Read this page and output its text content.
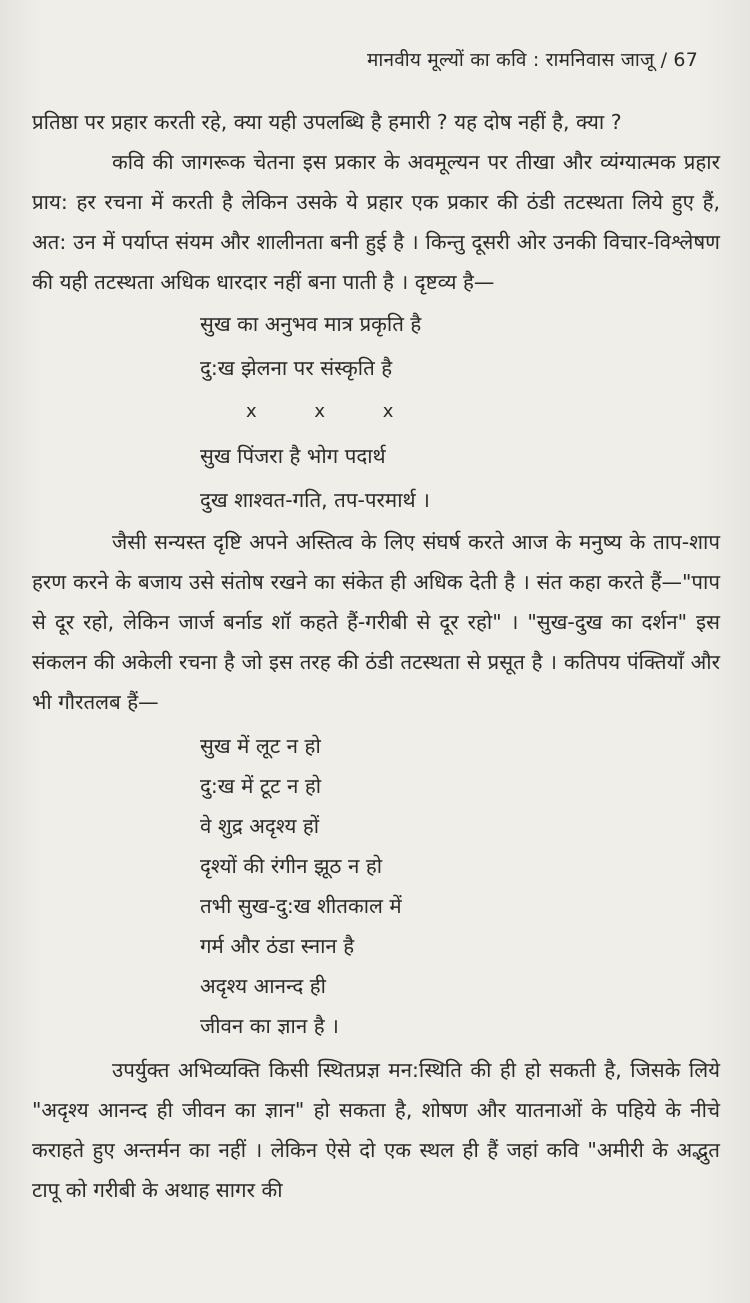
मानवीय मूल्यों का कवि : रामनिवास जाजू / 67

प्रतिष्ठा पर प्रहार करती रहे, क्या यही उपलब्धि है हमारी ? यह दोष नहीं है, क्या ?

कवि की जागरूक चेतना इस प्रकार के अवमूल्यन पर तीखा और व्यंग्यात्मक प्रहार प्राय: हर रचना में करती है लेकिन उसके ये प्रहार एक प्रकार की ठंडी तटस्थता लिये हुए हैं, अत: उन में पर्याप्त संयम और शालीनता बनी हुई है । किन्तु दूसरी ओर उनकी विचार-विश्लेषण की यही तटस्थता अधिक धारदार नहीं बना पाती है । दृष्टव्य है—

सुख का अनुभव मात्र प्रकृति है
दु:ख झेलना पर संस्कृति है
x x x
सुख पिंजरा है भोग पदार्थ
दुख शाश्वत-गति, तप-परमार्थ ।

जैसी सन्यस्त दृष्टि अपने अस्तित्व के लिए संघर्ष करते आज के मनुष्य के ताप-शाप हरण करने के बजाय उसे संतोष रखने का संकेत ही अधिक देती है । संत कहा करते हैं—"पाप से दूर रहो, लेकिन जार्ज बर्नाड शॉ कहते हैं-गरीबी से दूर रहो" । "सुख-दुख का दर्शन" इस संकलन की अकेली रचना है जो इस तरह की ठंडी तटस्थता से प्रसूत है । कतिपय पंक्तियाँ और भी गौरतलब हैं—

सुख में लूट न हो
दु:ख में टूट न हो
वे शुद्र अदृश्य हों
दृश्यों की रंगीन झूठ न हो
तभी सुख-दु:ख शीतकाल में
गर्म और ठंडा स्नान है
अदृश्य आनन्द ही
जीवन का ज्ञान है ।

उपर्युक्त अभिव्यक्ति किसी स्थितप्रज्ञ मन:स्थिति की ही हो सकती है, जिसके लिये "अदृश्य आनन्द ही जीवन का ज्ञान" हो सकता है, शोषण और यातनाओं के पहिये के नीचे कराहते हुए अन्तर्मन का नहीं । लेकिन ऐसे दो एक स्थल ही हैं जहां कवि "अमीरी के अद्भुत टापू को गरीबी के अथाह सागर की
